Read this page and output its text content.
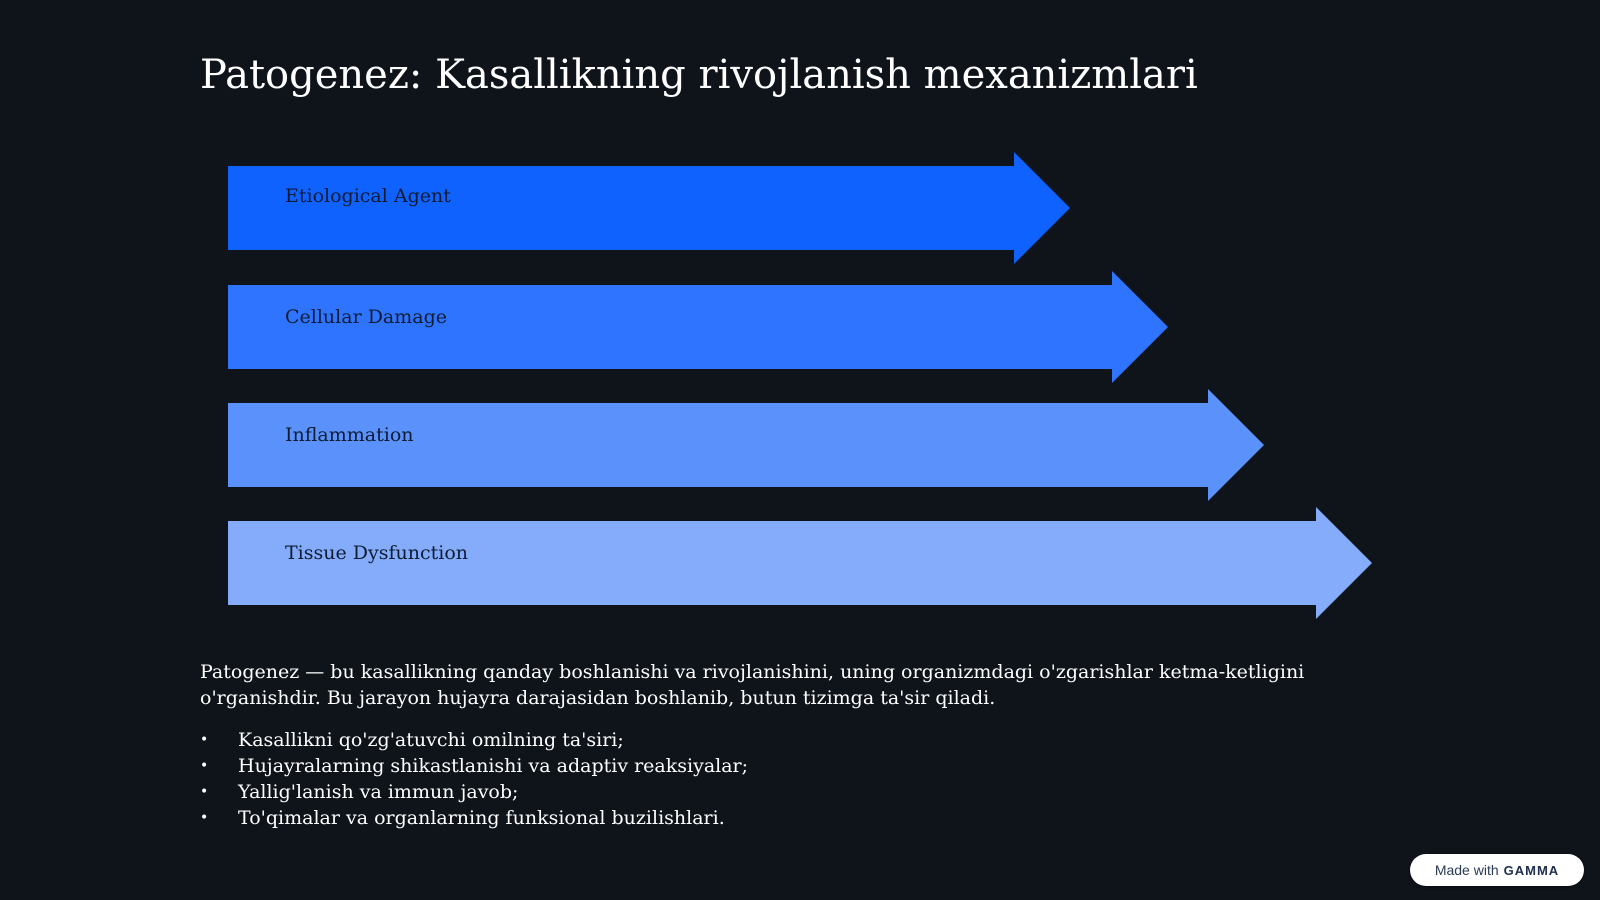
Patogenez: Kasallikning rivojlanish mexanizmlari
Etiological Agent
Cellular Damage
Inflammation
Tissue Dysfunction

Patogenez — bu kasallikning qanday boshlanishi va rivojlanishini, uning organizmdagi o'zgarishlar ketma-ketligini o'rganishdir. Bu jarayon hujayra darajasidan boshlanib, butun tizimga ta'sir qiladi.

• Kasallikni qo'zg'atuvchi omilning ta'siri;
• Hujayralarning shikastlanishi va adaptiv reaksiyalar;
• Yallig'lanish va immun javob;
• To'qimalar va organlarning funksional buzilishlari.
Made with GAMMA
